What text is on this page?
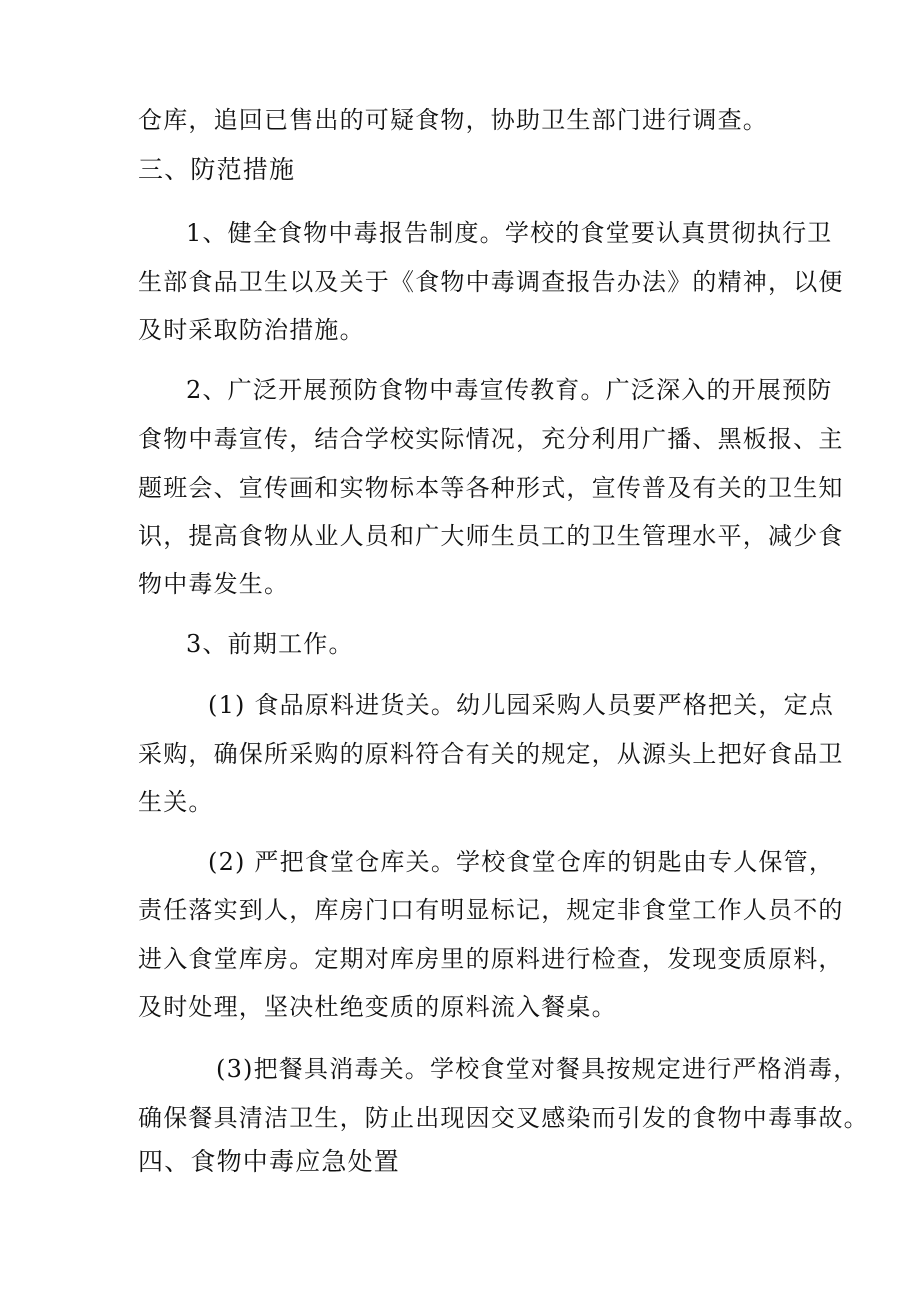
仓库，追回已售出的可疑食物，协助卫生部门进行调查。
三、防范措施
1、健全食物中毒报告制度。学校的食堂要认真贯彻执行卫
生部食品卫生以及关于《食物中毒调查报告办法》的精神，以便
及时采取防治措施。
2、广泛开展预防食物中毒宣传教育。广泛深入的开展预防
食物中毒宣传，结合学校实际情况，充分利用广播、黑板报、主
题班会、宣传画和实物标本等各种形式，宣传普及有关的卫生知
识，提高食物从业人员和广大师生员工的卫生管理水平，减少食
物中毒发生。
3、前期工作。
(1) 食品原料进货关。幼儿园采购人员要严格把关，定点
采购，确保所采购的原料符合有关的规定，从源头上把好食品卫
生关。
(2) 严把食堂仓库关。学校食堂仓库的钥匙由专人保管，
责任落实到人，库房门口有明显标记，规定非食堂工作人员不的
进入食堂库房。定期对库房里的原料进行检查，发现变质原料，
及时处理，坚决杜绝变质的原料流入餐桌。
(3)把餐具消毒关。学校食堂对餐具按规定进行严格消毒，
确保餐具清洁卫生，防止出现因交叉感染而引发的食物中毒事故。
四、食物中毒应急处置
